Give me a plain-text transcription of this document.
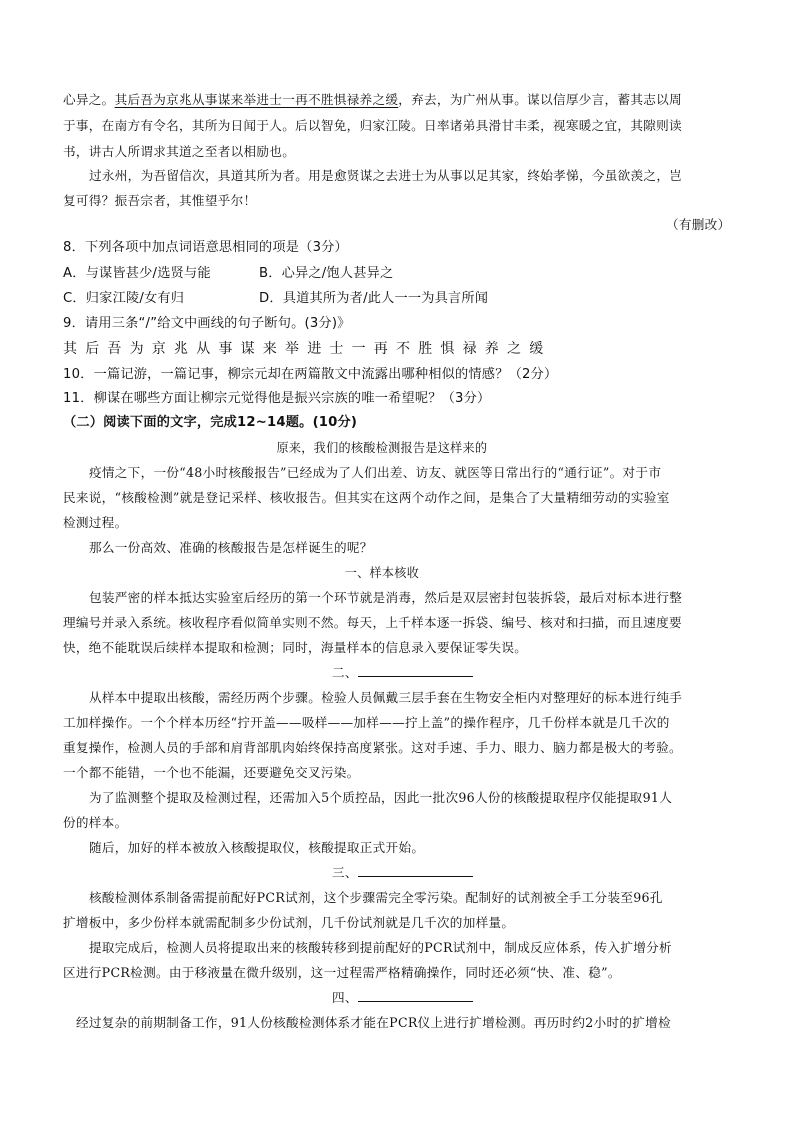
心异之。其后吾为京兆从事谋来举进士一再不胜惧禄养之缓，弃去，为广州从事。谋以信厚少言，蓄其志以周
于事，在南方有令名，其所为日闻于人。后以智免，归家江陵。日率诸弟具滑甘丰柔，视寒暖之宜，其隙则读
书，讲古人所谓求其道之至者以相励也。
过永州，为吾留信次，具道其所为者。用是愈贤谋之去进士为从事以足其家，终始孝悌，今虽欲羡之，岂
复可得？振吾宗者，其惟望乎尔！
（有删改）
8．下列各项中加点词语意思相同的项是（3分）
A．与谋皆甚少/选贤与能	B．心异之/饱人甚异之
C．归家江陵/女有归	D．具道其所为者/此人一一为具言所闻
9．请用三条“/”给文中画线的句子断句。(3分)》
其后吾为京兆从事谋来举进士一再不胜惧禄养之缓
10．一篇记游，一篇记事，柳宗元却在两篇散文中流露出哪种相似的情感？（2分）
11．柳谋在哪些方面让柳宗元觉得他是振兴宗族的唯一希望呢？（3分）
（二）阅读下面的文字，完成12~14题。(10分)
原来，我们的核酸检测报告是这样来的
疫情之下，一份“48小时核酸报告”已经成为了人们出差、访友、就医等日常出行的“通行证”。对于市
民来说，“核酸检测”就是登记采样、核收报告。但其实在这两个动作之间，是集合了大量精细劳动的实验室
检测过程。
那么一份高效、准确的核酸报告是怎样诞生的呢？
一、样本核收
包装严密的样本抵达实验室后经历的第一个环节就是消毒，然后是双层密封包装拆袋，最后对标本进行整
理编号并录入系统。核收程序看似简单实则不然。每天，上千样本逐一拆袋、编号、核对和扫描，而且速度要
快，绝不能耽误后续样本提取和检测；同时，海量样本的信息录入要保证零失误。
二、
从样本中提取出核酸，需经历两个步骤。检验人员佩戴三层手套在生物安全柜内对整理好的标本进行纯手
工加样操作。一个个样本历经“拧开盖——吸样——加样——拧上盖”的操作程序，几千份样本就是几千次的
重复操作，检测人员的手部和肩背部肌肉始终保持高度紧张。这对手速、手力、眼力、脑力都是极大的考验。
一个都不能错，一个也不能漏，还要避免交叉污染。
为了监测整个提取及检测过程，还需加入5个质控品，因此一批次96人份的核酸提取程序仅能提取91人
份的样本。
随后，加好的样本被放入核酸提取仪，核酸提取正式开始。
三、
核酸检测体系制备需提前配好PCR试剂，这个步骤需完全零污染。配制好的试剂被全手工分装至96孔
扩增板中，多少份样本就需配制多少份试剂，几千份试剂就是几千次的加样量。
提取完成后，检测人员将提取出来的核酸转移到提前配好的PCR试剂中，制成反应体系，传入扩增分析
区进行PCR检测。由于移液量在微升级别，这一过程需严格精确操作，同时还必须“快、准、稳”。
四、
经过复杂的前期制备工作，91人份核酸检测体系才能在PCR仪上进行扩增检测。再历时约2小时的扩增检
